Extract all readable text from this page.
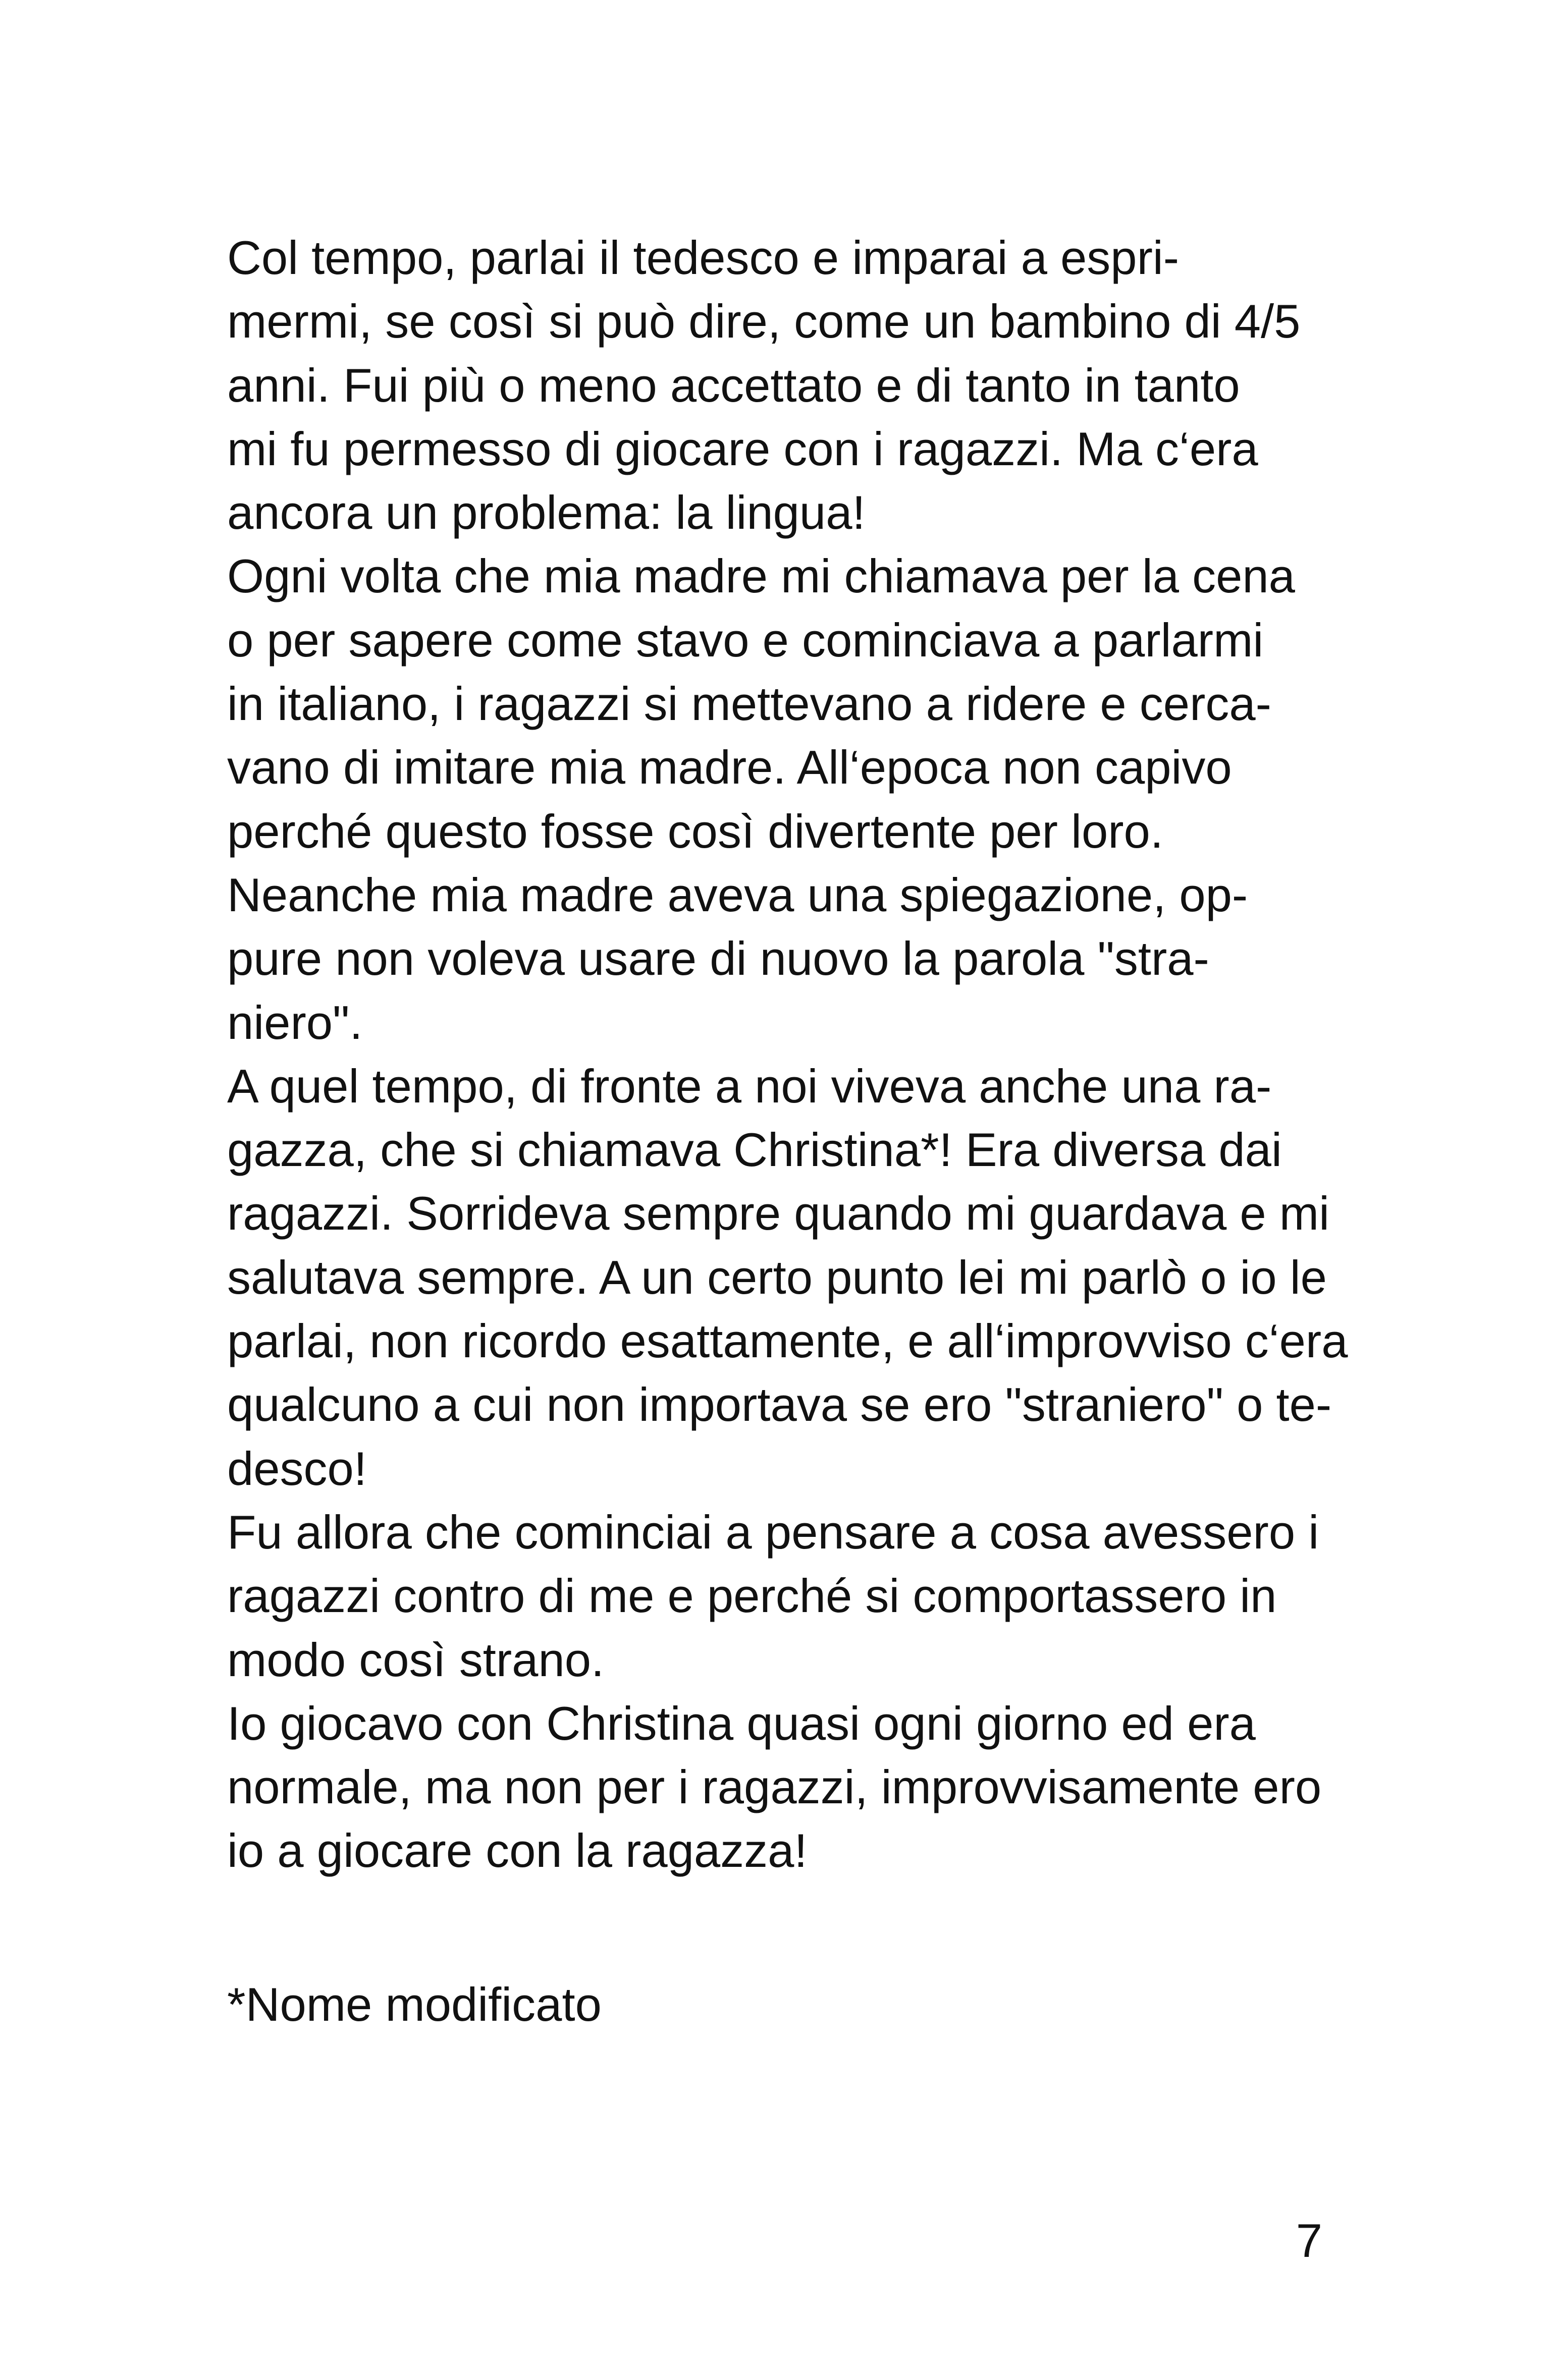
Col tempo, parlai il tedesco e imparai a espri-
mermi, se così si può dire, come un bambino di 4/5
anni. Fui più o meno accettato e di tanto in tanto
mi fu permesso di giocare con i ragazzi. Ma c‘era
ancora un problema: la lingua!
Ogni volta che mia madre mi chiamava per la cena
o per sapere come stavo e cominciava a parlarmi
in italiano, i ragazzi si mettevano a ridere e cerca-
vano di imitare mia madre. All‘epoca non capivo
perché questo fosse così divertente per loro.
Neanche mia madre aveva una spiegazione, op-
pure non voleva usare di nuovo la parola "stra-
niero".
A quel tempo, di fronte a noi viveva anche una ra-
gazza, che si chiamava Christina*! Era diversa dai
ragazzi. Sorrideva sempre quando mi guardava e mi
salutava sempre. A un certo punto lei mi parlò o io le
parlai, non ricordo esattamente, e all‘improvviso c‘era
qualcuno a cui non importava se ero "straniero" o te-
desco!
Fu allora che cominciai a pensare a cosa avessero i
ragazzi contro di me e perché si comportassero in
modo così strano.
Io giocavo con Christina quasi ogni giorno ed era
normale, ma non per i ragazzi, improvvisamente ero
io a giocare con la ragazza!
*Nome modificato
7
